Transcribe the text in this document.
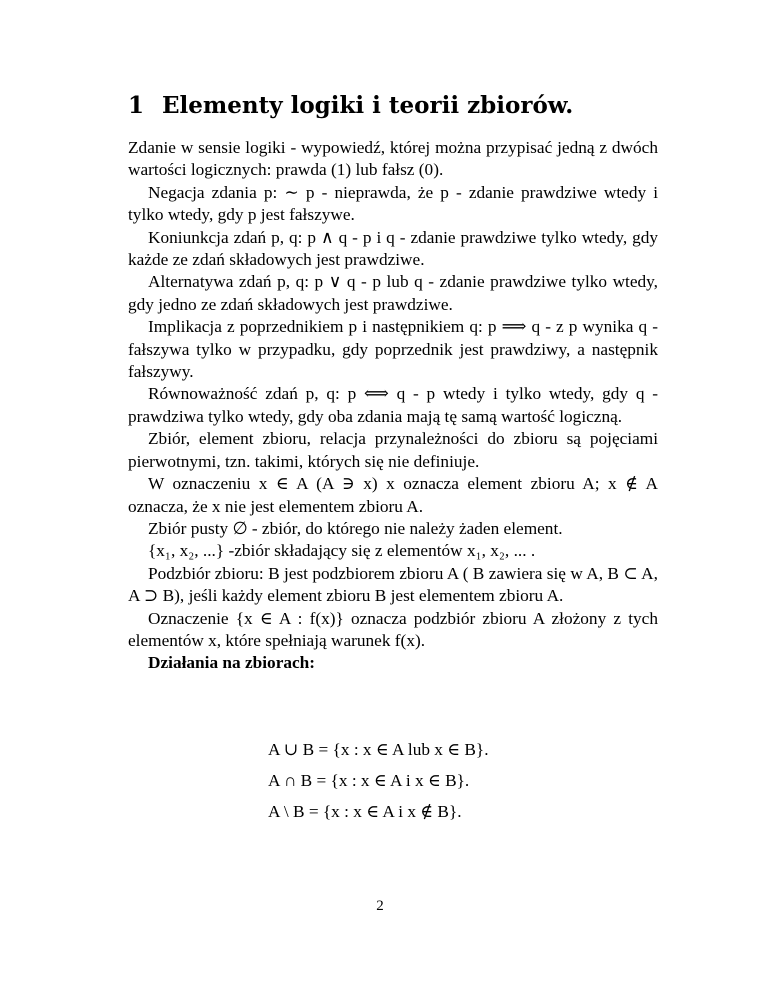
1 Elementy logiki i teorii zbiorów.

Zdanie w sensie logiki - wypowiedź, której można przypisać jedną z dwóch wartości logicznych: prawda (1) lub fałsz (0).

Negacja zdania p: ∼ p - nieprawda, że p - zdanie prawdziwe wtedy i tylko wtedy, gdy p jest fałszywe.

Koniunkcja zdań p, q: p ∧ q - p i q - zdanie prawdziwe tylko wtedy, gdy każde ze zdań składowych jest prawdziwe.

Alternatywa zdań p, q: p ∨ q - p lub q - zdanie prawdziwe tylko wtedy, gdy jedno ze zdań składowych jest prawdziwe.

Implikacja z poprzednikiem p i następnikiem q: p ⟹ q - z p wynika q - fałszywa tylko w przypadku, gdy poprzednik jest prawdziwy, a następnik fałszywy.

Równoważność zdań p, q: p ⟺ q - p wtedy i tylko wtedy, gdy q - prawdziwa tylko wtedy, gdy oba zdania mają tę samą wartość logiczną.

Zbiór, element zbioru, relacja przynależności do zbioru są pojęciami pierwotnymi, tzn. takimi, których się nie definiuje.

W oznaczeniu x ∈ A (A ∋ x) x oznacza element zbioru A; x ∉ A oznacza, że x nie jest elementem zbioru A.

Zbiór pusty ∅ - zbiór, do którego nie należy żaden element.

{x₁, x₂, ...} -zbiór składający się z elementów x₁, x₂, ... .

Podzbiór zbioru: B jest podzbiorem zbioru A ( B zawiera się w A, B ⊂ A, A ⊃ B), jeśli każdy element zbioru B jest elementem zbioru A.

Oznaczenie {x ∈ A : f(x)} oznacza podzbiór zbioru A złożony z tych elementów x, które spełniają warunek f(x).

Działania na zbiorach:

A ∪ B = {x : x ∈ A lub x ∈ B}.
A ∩ B = {x : x ∈ A i x ∈ B}.
A \ B = {x : x ∈ A i x ∉ B}.
2
